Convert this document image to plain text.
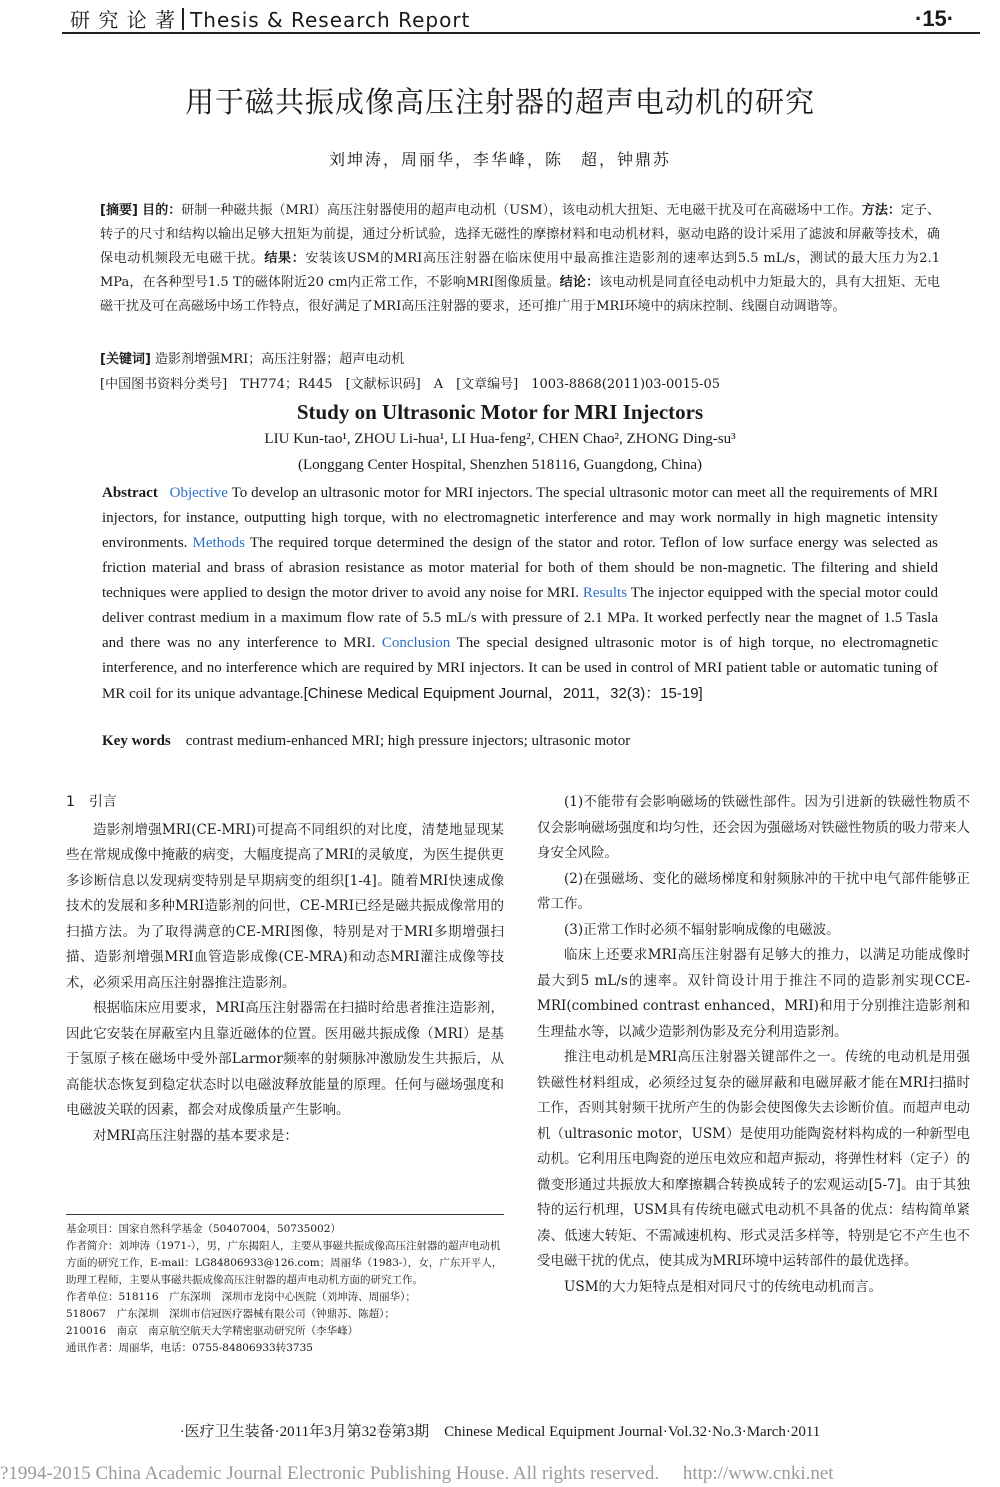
研 究 论 著 Thesis & Research Report	·15·
用于磁共振成像高压注射器的超声电动机的研究
刘坤涛，周丽华，李华峰，陈　超，钟鼎苏
[摘要] 目的：研制一种磁共振（MRI）高压注射器使用的超声电动机（USM），该电动机大扭矩、无电磁干扰及可在高磁场中工作。方法：定子、转子的尺寸和结构以输出足够大扭矩为前提，通过分析试验，选择无磁性的摩擦材料和电动机材料，驱动电路的设计采用了滤波和屏蔽等技术，确保电动机频段无电磁干扰。结果：安装该USM的MRI高压注射器在临床使用中最高推注造影剂的速率达到5.5 mL/s，测试的最大压力为2.1 MPa，在各种型号1.5 T的磁体附近20 cm内正常工作，不影响MRI图像质量。结论：该电动机是同直径电动机中力矩最大的，具有大扭矩、无电磁干扰及可在高磁场中场工作特点，很好满足了MRI高压注射器的要求，还可推广用于MRI环境中的病床控制、线圈自动调谐等。
[关键词] 造影剂增强MRI；高压注射器；超声电动机
[中国图书资料分类号]　TH774；R445　[文献标识码]　A　[文章编号]　1003-8868(2011)03-0015-05
Study on Ultrasonic Motor for MRI Injectors
LIU Kun-tao¹, ZHOU Li-hua¹, LI Hua-feng², CHEN Chao², ZHONG Ding-su³
(Longgang Center Hospital, Shenzhen 518116, Guangdong, China)
Abstract Objective To develop an ultrasonic motor for MRI injectors. The special ultrasonic motor can meet all the requirements of MRI injectors, for instance, outputting high torque, with no electromagnetic interference and may work normally in high magnetic intensity environments. Methods The required torque determined the design of the stator and rotor. Teflon of low surface energy was selected as friction material and brass of abrasion resistance as motor material for both of them should be non-magnetic. The filtering and shield techniques were applied to design the motor driver to avoid any noise for MRI. Results The injector equipped with the special motor could deliver contrast medium in a maximum flow rate of 5.5 mL/s with pressure of 2.1 MPa. It worked perfectly near the magnet of 1.5 Tasla and there was no any interference to MRI. Conclusion The special designed ultrasonic motor is of high torque, no electromagnetic interference, and no interference which are required by MRI injectors. It can be used in control of MRI patient table or automatic tuning of MR coil for its unique advantage.[Chinese Medical Equipment Journal，2011，32(3)：15-19]
Key words contrast medium-enhanced MRI; high pressure injectors; ultrasonic motor

1　引言

造影剂增强MRI(CE-MRI)可提高不同组织的对比度，清楚地显现某些在常规成像中掩蔽的病变，大幅度提高了MRI的灵敏度，为医生提供更多诊断信息以发现病变特别是早期病变的组织[1-4]。随着MRI快速成像技术的发展和多种MRI造影剂的问世，CE-MRI已经是磁共振成像常用的扫描方法。为了取得满意的CE-MRI图像，特别是对于MRI多期增强扫描、造影剂增强MRI血管造影成像(CE-MRA)和动态MRI灌注成像等技术，必须采用高压注射器推注造影剂。

根据临床应用要求，MRI高压注射器需在扫描时给患者推注造影剂，因此它安装在屏蔽室内且靠近磁体的位置。医用磁共振成像（MRI）是基于氢原子核在磁场中受外部Larmor频率的射频脉冲激励发生共振后，从高能状态恢复到稳定状态时以电磁波释放能量的原理。任何与磁场强度和电磁波关联的因素，都会对成像质量产生影响。

对MRI高压注射器的基本要求是：

(1)不能带有会影响磁场的铁磁性部件。因为引进新的铁磁性物质不仅会影响磁场强度和均匀性，还会因为强磁场对铁磁性物质的吸力带来人身安全风险。

(2)在强磁场、变化的磁场梯度和射频脉冲的干扰中电气部件能够正常工作。

(3)正常工作时必须不辐射影响成像的电磁波。

临床上还要求MRI高压注射器有足够大的推力，以满足功能成像时最大到5 mL/s的速率。双针筒设计用于推注不同的造影剂实现CCE-MRI(combined contrast enhanced，MRI)和用于分别推注造影剂和生理盐水等，以减少造影剂伪影及充分利用造影剂。

推注电动机是MRI高压注射器关键部件之一。传统的电动机是用强铁磁性材料组成，必须经过复杂的磁屏蔽和电磁屏蔽才能在MRI扫描时工作，否则其射频干扰所产生的伪影会使图像失去诊断价值。而超声电动机（ultrasonic motor，USM）是使用功能陶瓷材料构成的一种新型电动机。它利用压电陶瓷的逆压电效应和超声振动，将弹性材料（定子）的微变形通过共振放大和摩擦耦合转换成转子的宏观运动[5-7]。由于其独特的运行机理，USM具有传统电磁式电动机不具备的优点：结构简单紧凑、低速大转矩、不需减速机构、形式灵活多样等，特别是它不产生也不受电磁干扰的优点，使其成为MRI环境中运转部件的最优选择。

USM的大力矩特点是相对同尺寸的传统电动机而言。

基金项目：国家自然科学基金（50407004，50735002）
作者简介：刘坤涛（1971-），男，广东揭阳人，主要从事磁共振成像高压注射器的超声电动机方面的研究工作，E-mail：LG84806933@126.com；周丽华（1983-），女，广东开平人，助理工程师，主要从事磁共振成像高压注射器的超声电动机方面的研究工作。
作者单位：518116　广东深圳　深圳市龙岗中心医院（刘坤涛、周丽华）；
518067　广东深圳　深圳市信冠医疗器械有限公司（钟鼎苏、陈超）；
210016　南京　南京航空航天大学精密驱动研究所（李华峰）
通讯作者：周丽华，电话：0755-84806933转3735
·医疗卫生装备·2011年3月第32卷第3期　Chinese Medical Equipment Journal·Vol.32·No.3·March·2011
?1994-2015 China Academic Journal Electronic Publishing House. All rights reserved.　 http://www.cnki.net
